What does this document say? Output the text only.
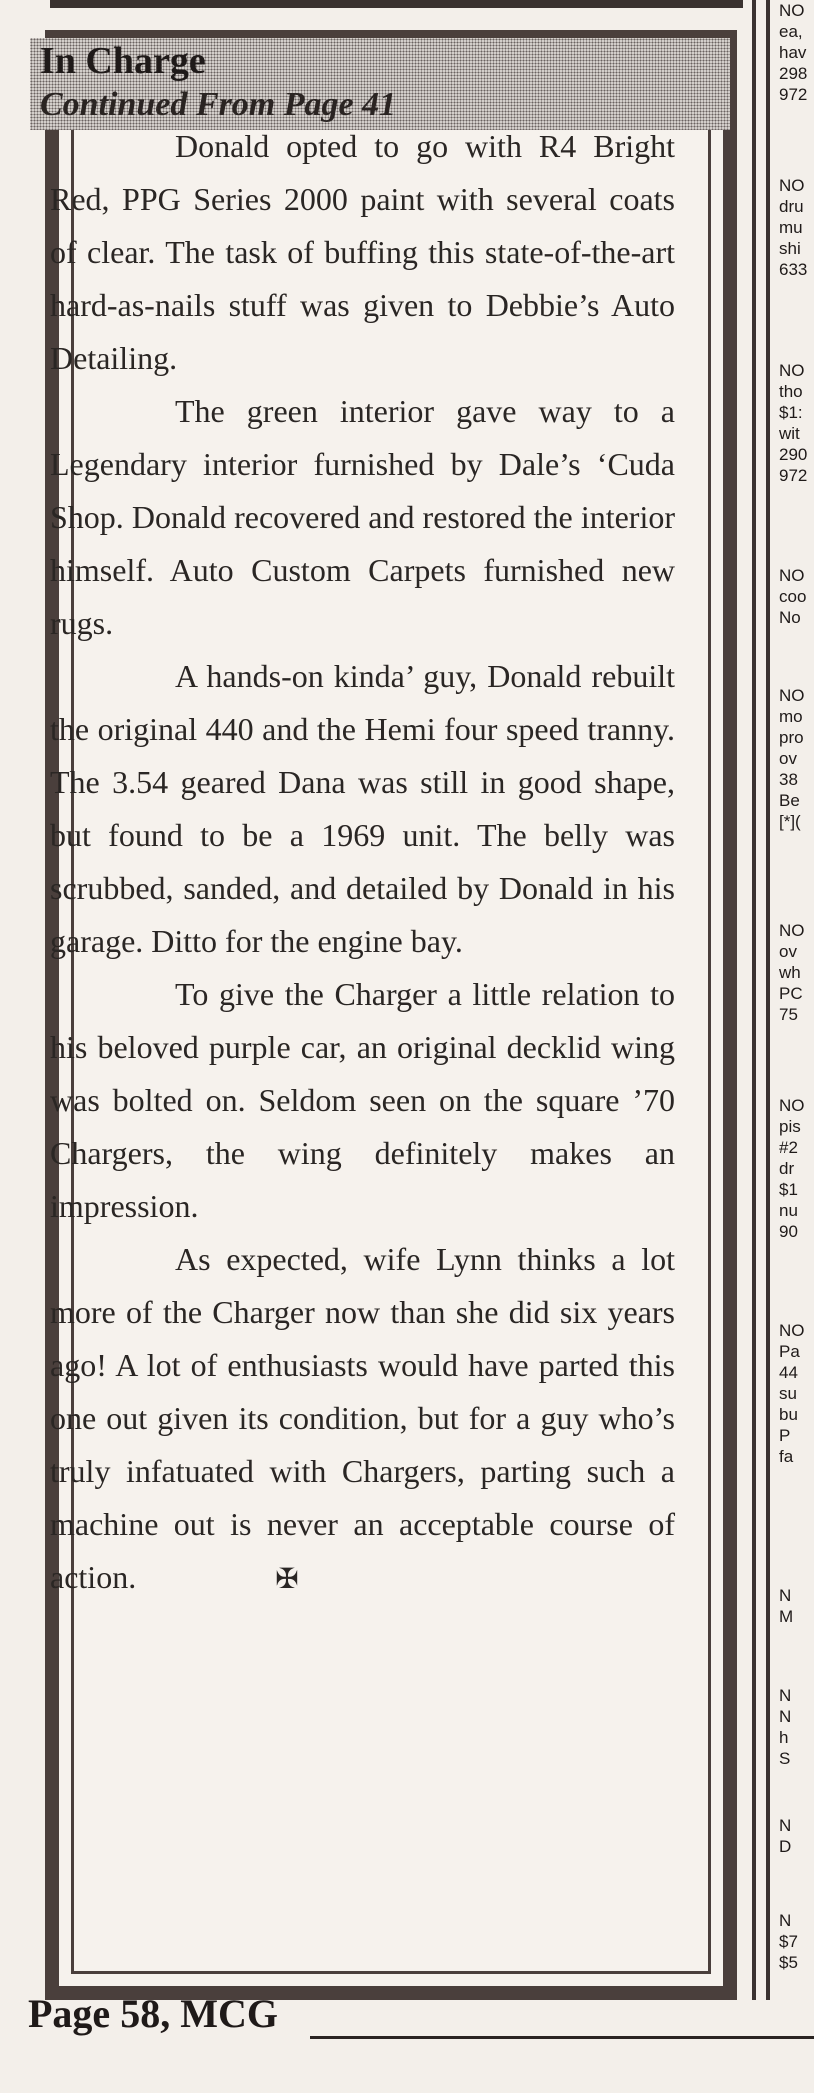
In Charge
Continued From Page 41

Donald opted to go with R4 Bright Red, PPG Series 2000 paint with several coats of clear. The task of buffing this state-of-the-art hard-as-nails stuff was given to Debbie’s Auto Detailing.

The green interior gave way to a Legendary interior furnished by Dale’s ‘Cuda Shop. Donald recovered and restored the interior himself. Auto Custom Carpets furnished new rugs.

A hands-on kinda’ guy, Donald rebuilt the original 440 and the Hemi four speed tranny. The 3.54 geared Dana was still in good shape, but found to be a 1969 unit. The belly was scrubbed, sanded, and detailed by Donald in his garage. Ditto for the engine bay.

To give the Charger a little relation to his beloved purple car, an original decklid wing was bolted on. Seldom seen on the square ’70 Chargers, the wing definitely makes an impression.

As expected, wife Lynn thinks a lot more of the Charger now than she did six years ago! A lot of enthusiasts would have parted this one out given its condition, but for a guy who’s truly infatuated with Chargers, parting such a machine out is never an acceptable course of action.	✠

NO
ea,
hav
298
972
NO
dru
mu
shi
633
NO
tho
$1:
wit
290
972
NO
coo
No
NO
mo
pro
ov
38
Be
[*](
NO
ov
wh
PC
75
NO
pis
#2
dr
$1
nu
90
NO
Pa
44
su
bu
P
fa
N
M
N
N
h
S
N
D
N
$7
$5

Page 58, MCG
